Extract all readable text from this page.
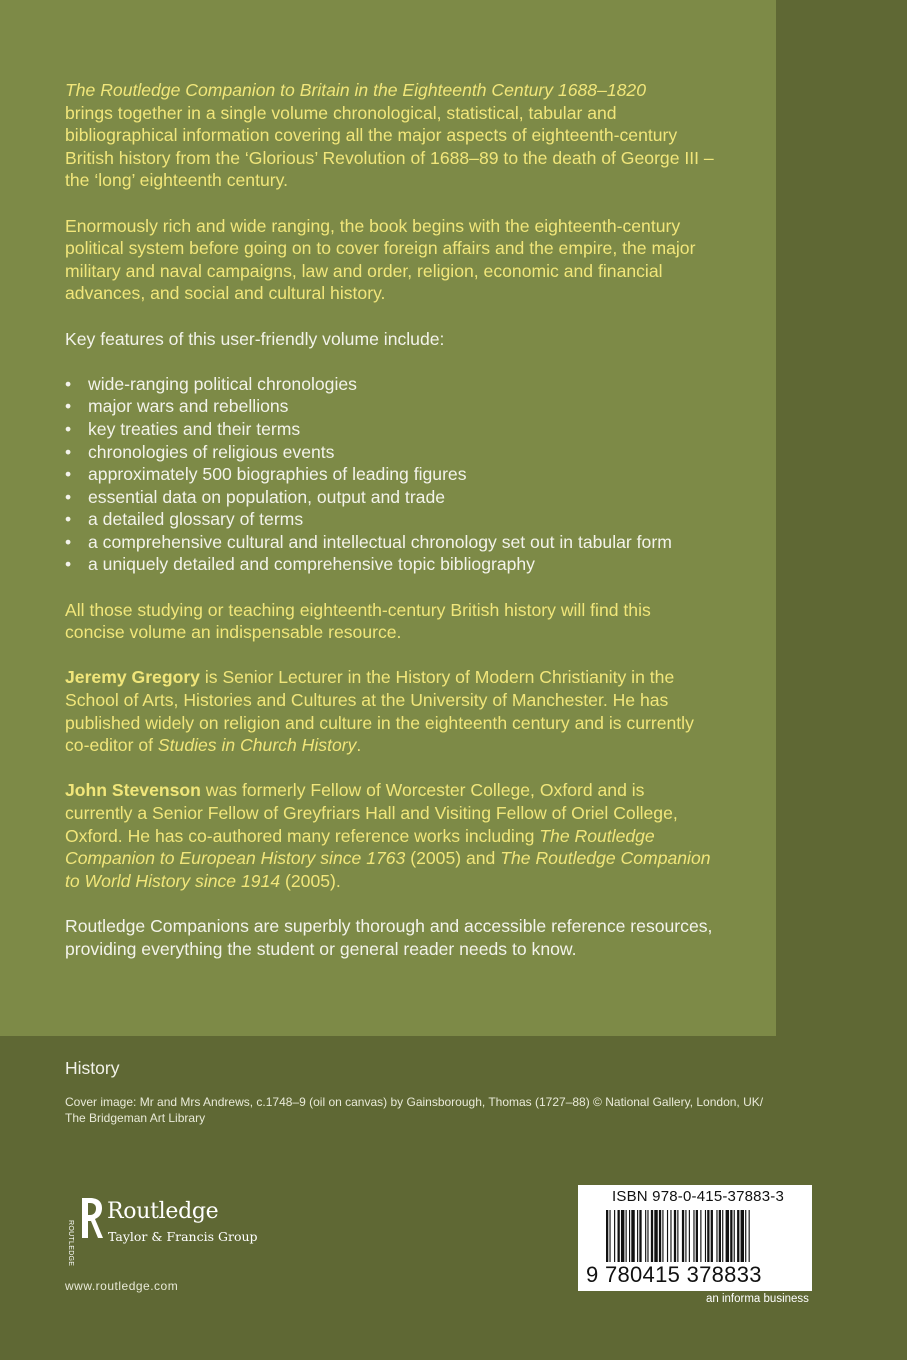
The Routledge Companion to Britain in the Eighteenth Century 1688–1820
brings together in a single volume chronological, statistical, tabular and bibliographical information covering all the major aspects of eighteenth-century British history from the ‘Glorious’ Revolution of 1688–89 to the death of George III – the ‘long’ eighteenth century.

Enormously rich and wide ranging, the book begins with the eighteenth-century political system before going on to cover foreign affairs and the empire, the major military and naval campaigns, law and order, religion, economic and financial advances, and social and cultural history.

Key features of this user-friendly volume include:

• wide-ranging political chronologies
• major wars and rebellions
• key treaties and their terms
• chronologies of religious events
• approximately 500 biographies of leading figures
• essential data on population, output and trade
• a detailed glossary of terms
• a comprehensive cultural and intellectual chronology set out in tabular form
• a uniquely detailed and comprehensive topic bibliography

All those studying or teaching eighteenth-century British history will find this concise volume an indispensable resource.

Jeremy Gregory is Senior Lecturer in the History of Modern Christianity in the School of Arts, Histories and Cultures at the University of Manchester. He has published widely on religion and culture in the eighteenth century and is currently co-editor of Studies in Church History.

John Stevenson was formerly Fellow of Worcester College, Oxford and is currently a Senior Fellow of Greyfriars Hall and Visiting Fellow of Oriel College, Oxford. He has co-authored many reference works including The Routledge Companion to European History since 1763 (2005) and The Routledge Companion to World History since 1914 (2005).

Routledge Companions are superbly thorough and accessible reference resources, providing everything the student or general reader needs to know.

History
Cover image: Mr and Mrs Andrews, c.1748–9 (oil on canvas) by Gainsborough, Thomas (1727–88) © National Gallery, London, UK/ The Bridgeman Art Library
ROUTLEDGE
Routledge
Taylor & Francis Group
www.routledge.com
ISBN 978-0-415-37883-3
9 780415 378833
an informa business
